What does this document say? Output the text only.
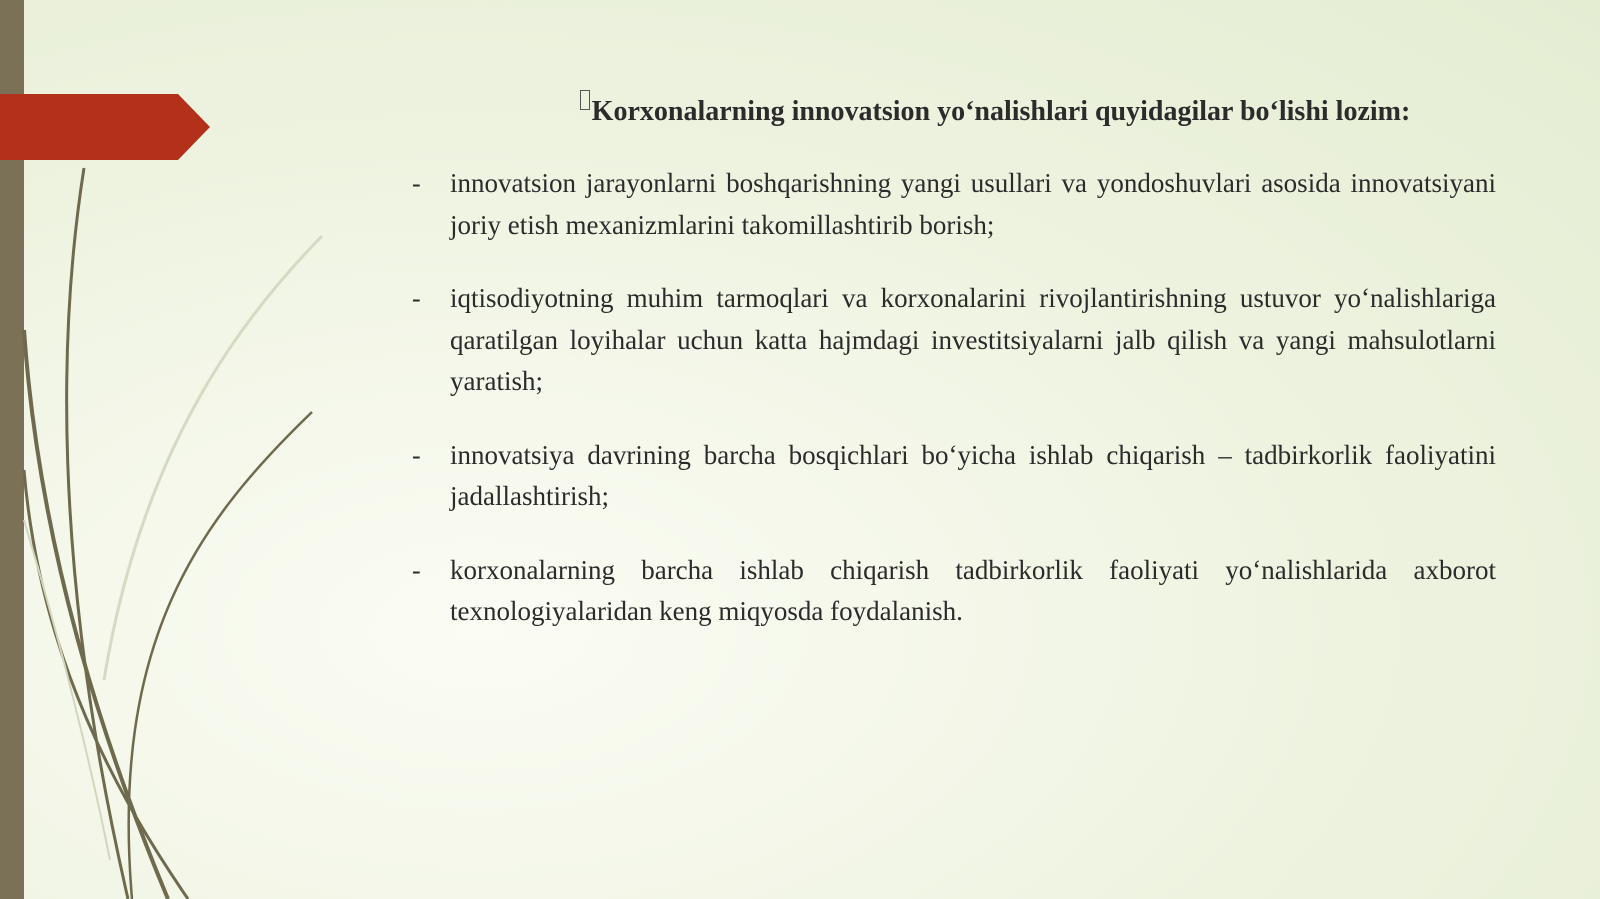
Korxonalarning innovatsion yo‘nalishlari quyidagilar bo‘lishi lozim:
- innovatsion jarayonlarni boshqarishning yangi usullari va yondoshuvlari asosida innovatsiyani joriy etish mexanizmlarini takomillashtirib borish;

- iqtisodiyotning muhim tarmoqlari va korxonalarini rivojlantirishning ustuvor yo‘nalishlariga qaratilgan loyihalar uchun katta hajmdagi investitsiyalarni jalb qilish va yangi mahsulotlarni yaratish;

- innovatsiya davrining barcha bosqichlari bo‘yicha ishlab chiqarish – tadbirkorlik faoliyatini jadallashtirish;

- korxonalarning barcha ishlab chiqarish tadbirkorlik faoliyati yo‘nalishlarida axborot texnologiyalaridan keng miqyosda foydalanish.
